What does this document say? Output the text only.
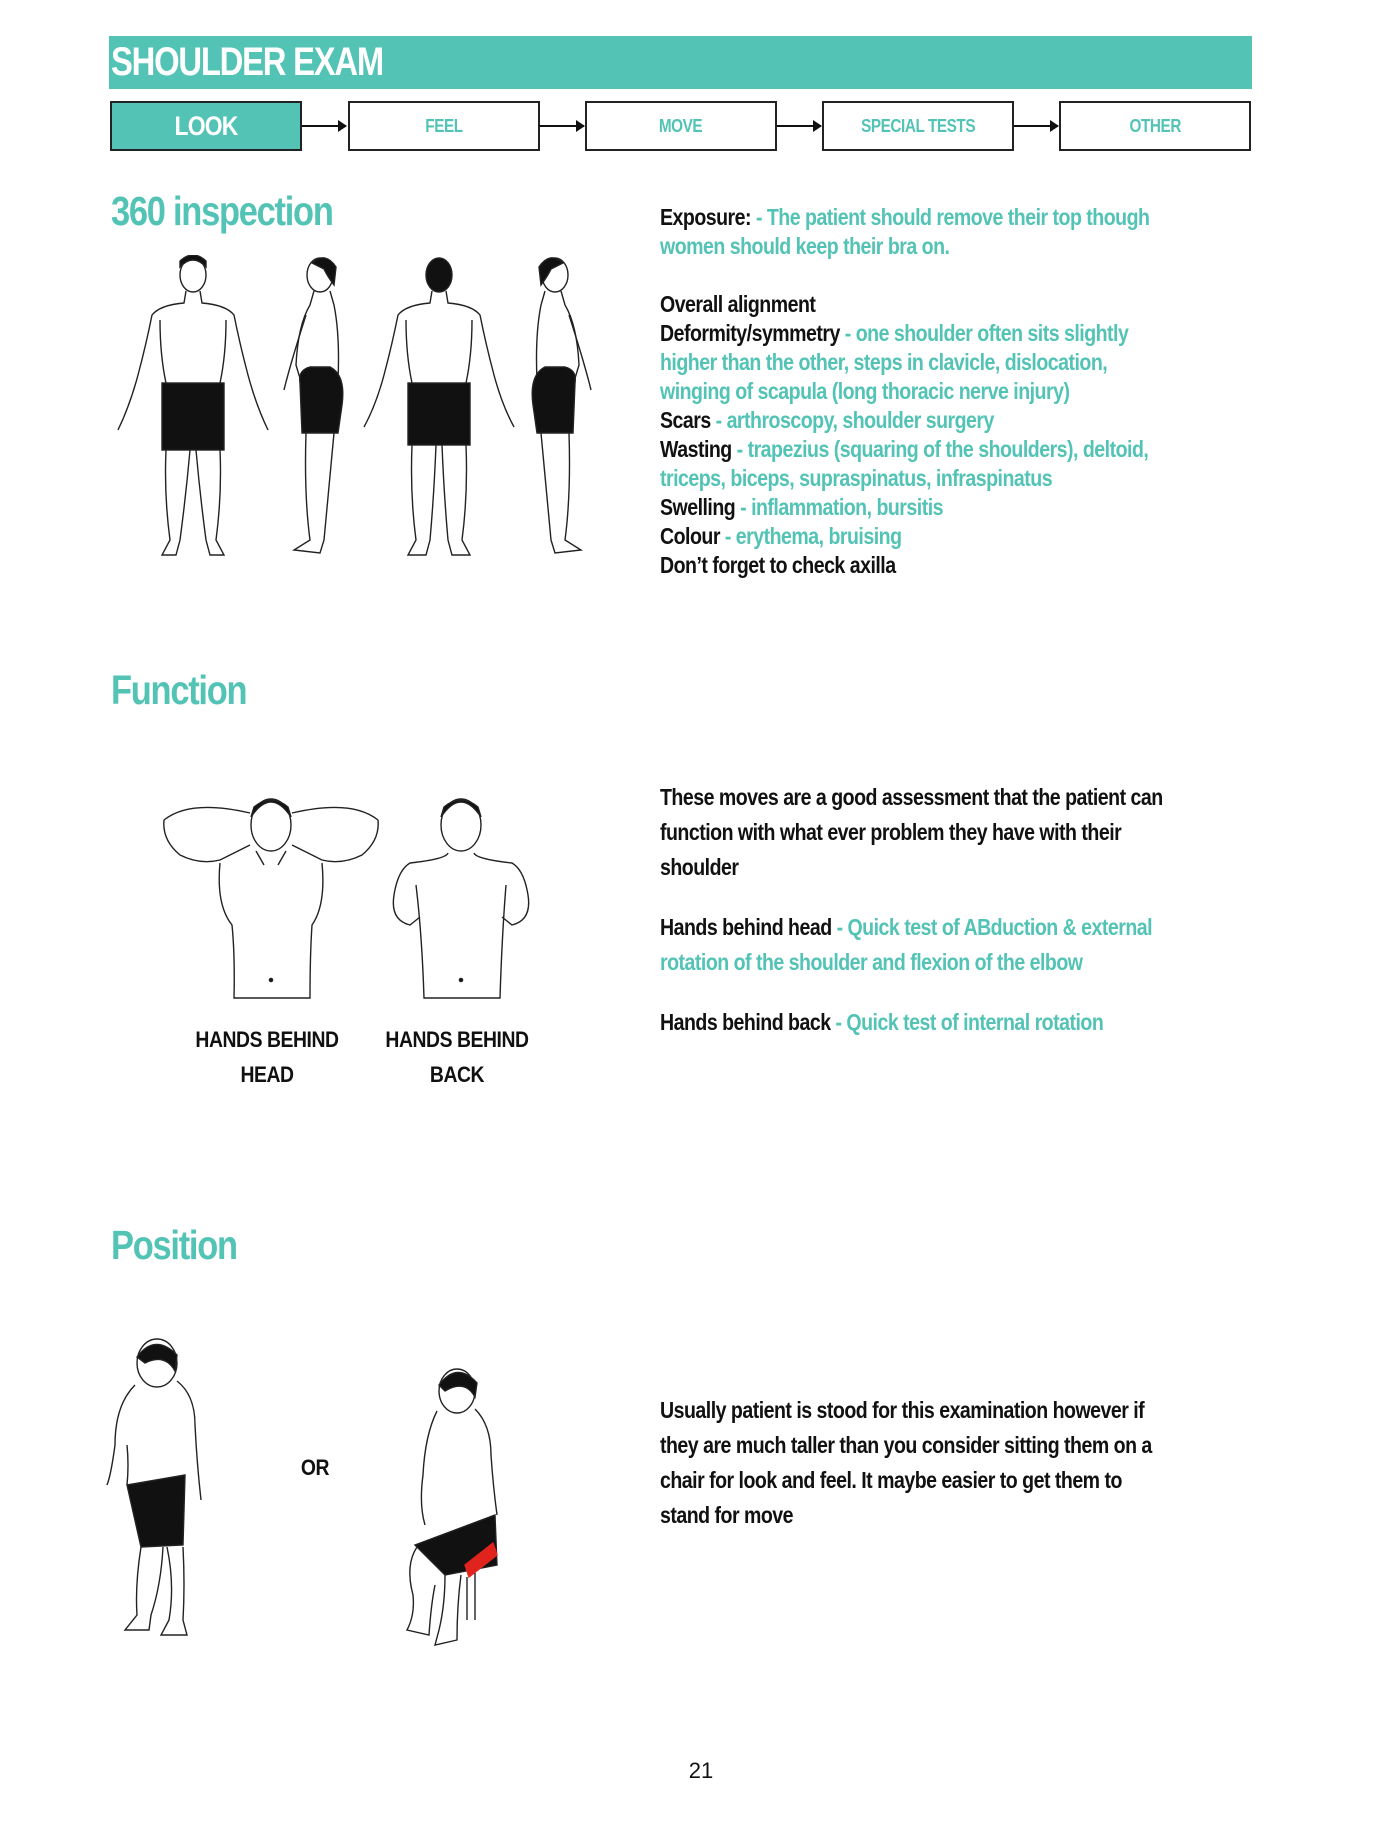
SHOULDER EXAM
LOOK	FEEL	MOVE	SPECIAL TESTS	OTHER
360 inspection	Exposure: - The patient should remove their top though
women should keep their bra on.
Overall alignment
Deformity/symmetry - one shoulder often sits slightly
higher than the other, steps in clavicle, dislocation,
winging of scapula (long thoracic nerve injury)
Scars - arthroscopy, shoulder surgery
Wasting - trapezius (squaring of the shoulders), deltoid,
triceps, biceps, supraspinatus, infraspinatus
Swelling - inflammation, bursitis
Colour - erythema, bruising
Don’t forget to check axilla
Function
HANDS BEHIND
HEAD
HANDS BEHIND
BACK
These moves are a good assessment that the patient can
function with what ever problem they have with their
shoulder
Hands behind head - Quick test of ABduction & external
rotation of the shoulder and flexion of the elbow
Hands behind back - Quick test of internal rotation
Position
OR
Usually patient is stood for this examination however if
they are much taller than you consider sitting them on a
chair for look and feel. It maybe easier to get them to
stand for move
21
